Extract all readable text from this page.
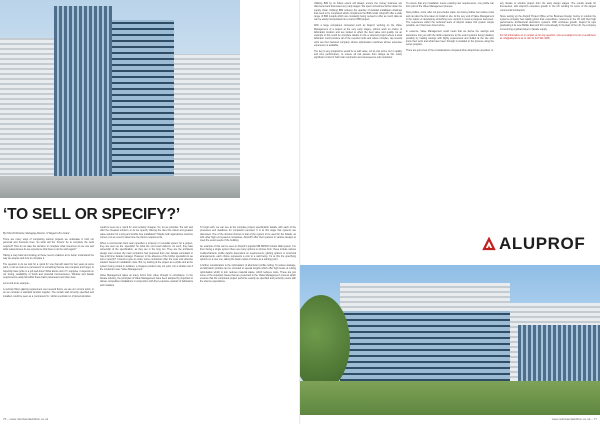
‘TO SELL OR SPECIFY?’

By Holcroft Winslow, Managing Director, IV Regent UK Limited

There are many ways of completing various projects we undertake in both our personal and business lives. So what will the ‘drivers’ be to complete the work required? How do we take the decision to complete what resources do we use and what reassurances do we experience that have to do the work again?

Taking a step back and looking at these recent enablers at its better understand the way we acquire and how to complete it.

The question is do we look for a ‘quick fix’ one that will stand for two years at some point, or do we look at a ‘permanent’ to something that we can complete and forget; or hopefully have pride in a job well done! What about cost in? I suppose, it depends on our timing, availability of funds and potential inconvenience. Window and facade requirements easily fall within these basic parameters and often less.

Let’s look at an example...

A vertical ribbon glazing requirement over several floors, we are our current stock, or do we consider a standard window supplier. The curtain wall correctly specified and installed, could be seen as a ‘permanent fix’, whilst a vertical run of joined windows

could be seen as a ‘quick fix’ and certainly cheaper. So, do we prioritise ‘the sell’ and offer the cheapest solution, or do we ‘specify’ offering the client the robust and greatest value solution for a long and trouble free installation? Maybe both approaches could be correct, but we need to determine the client’s requirements.

When a commercial client team specifies a property or remedial system for a project, they are seen as the ‘specialist’ for what the end result delivers. As such, they take ownership of the specification, as they are in the long run. They are the architects design team unless the main contractor has proposed their own facade consultant or has a full time facade manager. However, in the absence of the further specialist do we sell or specify? I intend to give an order, some contractors offer the most cost effective solution based on installation costs. But, by looking at the project as a whole and at the system being costed in isolation, a cheaper product may not exist, but a similar cost if the contractor uses ‘Value Management’.

Value Management takes as many forms from value through to compliance. In the facade industry, the principles of Value Management have been adopted by important to deliver competitive installations in conjunction with their extensive network of fabricators and installers.

To begin with, we can see at the complete project specification details, with each of the processes and deadlines for completion itemised. It is at this stage that systems are discussed. One of the obvious choices is that of the system to be used for the facade, as with other high end systems companies, Aluprof® offer their systems in various designs to meet the exact needs of the building.

An example of this can be seen in Aluprof’s popular MB-SR50N Curtain Wall system. For them being a single system there are many options to choose from; these include various mullion/transom profile depths dependent on requirements, glazing options or structural arrangements, each choice represents a cost to a wall being. It’s at this the specifying options on a new one, taking the basic model of choice as a starting point.

A further consideration is the optimisation of aluminium profile cutting. To reduce wastage, as fabrication profiles can be extruded to special lengths which offer high levels of cutting optimisation which in turn reduces material waste, which reduces costs. These are just some of the important issues that are presented in the ‘Value Management’ process which ensures that the completed project performs exactly as specified and perfectly meets with the clients expectations.

76 – www.refurbandaddition.co.uk

Utilising BIM by its fullest extent will always ensure the money business are discovered and discussed very early stages. We spent sometimes further down the supply chain. Utilising BIM reduces the quantity of detailed installation drawings that need to be completed which compliment the BIM model. Aluprof® offer a wide range of BIM models which are constantly being revised to offer as much data as can be easily incorporated into a current BIM project.

With a large companies compared such as Aluprof, working on the Value Management of a project at the very early stages, upfront work on choice of fabrication location and are looked to effect the best value and quality. As an example of this could be complete details on the a selected project where a local fabricator could produce all of the required units and where complex, tap several units are then factored company whose optimisation machines whose extensive experience is available.

The key to any programme would be to add value, not at cost terms, but in quality and time performance, to ensure all risk passes from delays as this costly significant costs for both main contractor and consequence sub-contractor.

To ensure that any installation meets exacting site requirements, one profile can form part of the Value Management process.

New profiles, costs, after not just a better value, but many profiles can reduce costs and can also the time taken to install on site. At the very end of Value Management is the nature of developing something new: aurprof is need a progress document. The experience within the technical team of Aluprof makes this system simple possible, as it has been done before.

In essence, Value Management could mean that we derive the savings and assurance into you with the skills experience to the exact systems being installed, possibly by making savings with highly experienced and skilled at the site who know their work and what have been through is installed to the process using the series program.

There are just a few of the considerations compared when Aluprof are specified. In

any facade or window project from the early design stages. The results speak for themselves, with Aluprof’s extensive growth in the UK working for some of the largest commercial contractors.

Since setting up the Aluprof Project Office at the Business Design Centre in London the systems company has rapidly grown their expenditure: reference in the UK with their high performance architectural aluminium systems. With continues growth, Aluprof its tops graduating it its new Middle East and firm roots already in the East of the UK, the company is becoming a global player in facade supply.

For full information on or contact us for any question, visit us at aluprof.co.uk or email them at: info@aluprof.co.uk or call: 01 617 941 4005

www.refurbandaddition.co.uk – 77
ALUPROF
